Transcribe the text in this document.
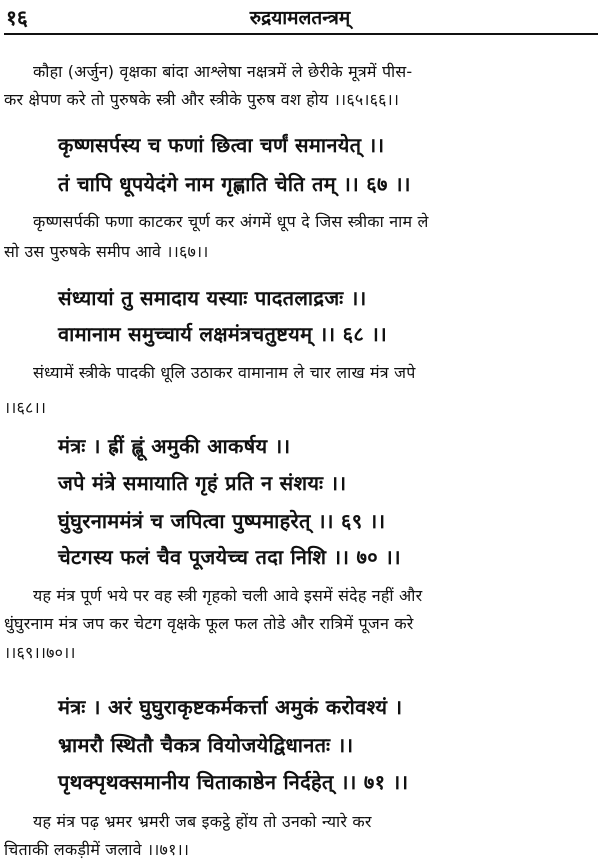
१६	रुद्रयामलतन्त्रम्
कौहा (अर्जुन) वृक्षका बांदा आश्लेषा नक्षत्रमें ले छेरीके मूत्रमें पीस-
कर क्षेपण करे तो पुरुषके स्त्री और स्त्रीके पुरुष वश होय ।।६५।६६।।
कृष्णसर्पस्य च फणां छित्वा चर्णं समानयेत् ।।
तं चापि धूपयेदंगे नाम गृह्णाति चेति तम् ।। ६७ ।।
कृष्णसर्पकी फणा काटकर चूर्ण कर अंगमें धूप दे जिस स्त्रीका नाम ले
सो उस पुरुषके समीप आवे ।।६७।।
संध्यायां तु समादाय यस्याः पादतलाद्रजः ।।
वामानाम समुच्चार्य लक्षमंत्रचतुष्टयम् ।। ६८ ।।
संध्यामें स्त्रीके पादकी धूलि उठाकर वामानाम ले चार लाख मंत्र जपे
।।६८।।
मंत्रः । ह्रीं ह्लूं अमुकी आकर्षय ।।
जपे मंत्रे समायाति गृहं प्रति न संशयः ।।
घुंघुरनाममंत्रं च जपित्वा पुष्पमाहरेत् ।। ६९ ।।
चेटगस्य फलं चैव पूजयेच्च तदा निशि ।। ७० ।।
यह मंत्र पूर्ण भये पर वह स्त्री गृहको चली आवे इसमें संदेह नहीं और
धुंघुरनाम मंत्र जप कर चेटग वृक्षके फूल फल तोडे और रात्रिमें पूजन करे
।।६९।।७०।।
मंत्रः । अरं घुघुराकृष्टकर्मकर्त्ता अमुकं करोवश्यं ।
भ्रामरौ स्थितौ चैकत्र वियोजयेद्विधानतः ।।
पृथक्पृथक्समानीय चिताकाष्ठेन निर्दहेत् ।। ७१ ।।
यह मंत्र पढ़ भ्रमर भ्रमरी जब इकट्ठे होंय तो उनको न्यारे कर
चिताकी लकड़ीमें जलावे ।।७१।।
